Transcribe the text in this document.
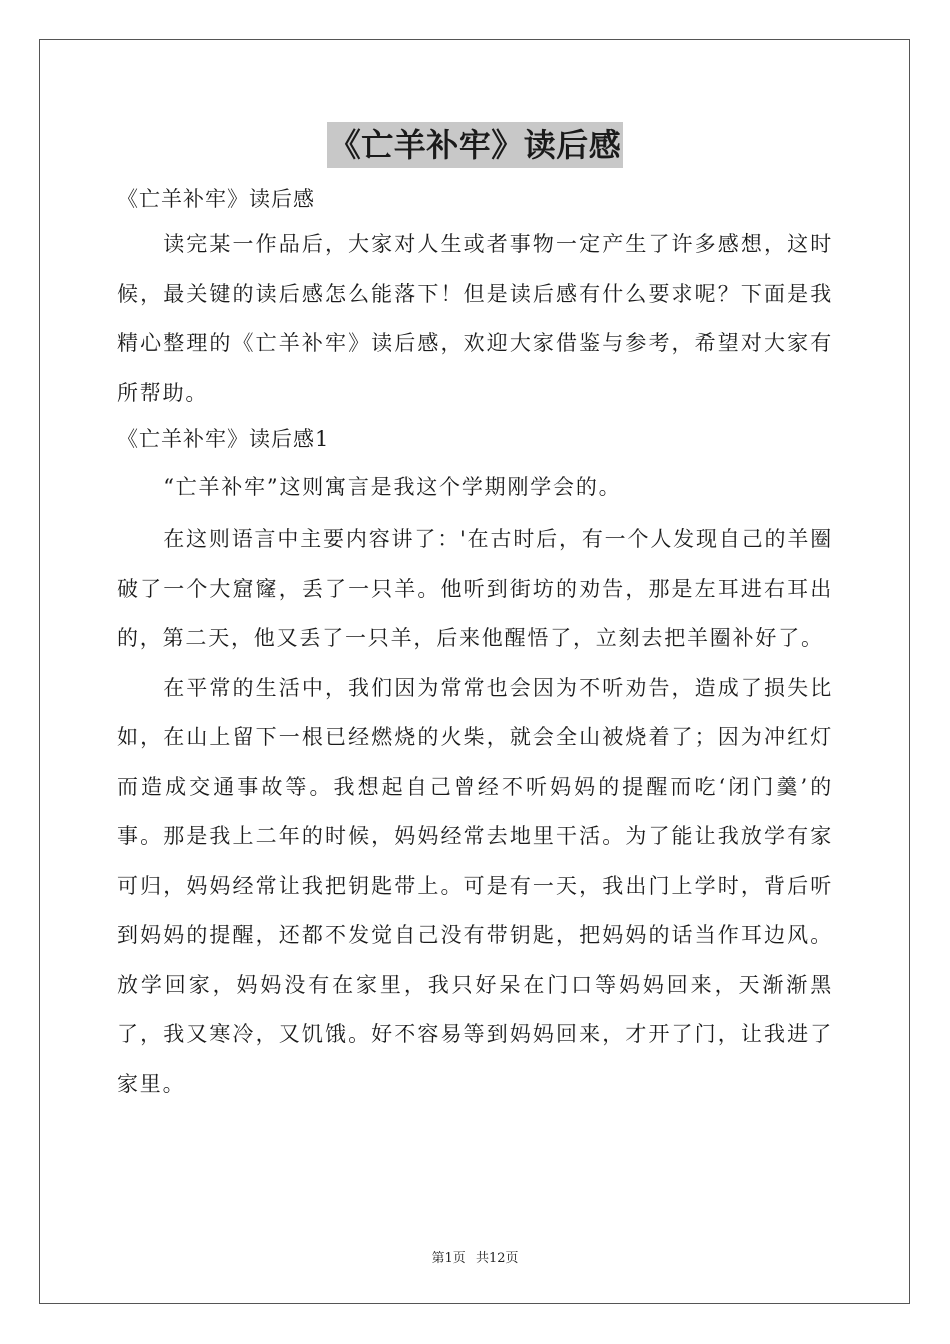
《亡羊补牢》读后感

《亡羊补牢》读后感

读完某一作品后，大家对人生或者事物一定产生了许多感想，这时候，最关键的读后感怎么能落下！但是读后感有什么要求呢？下面是我精心整理的《亡羊补牢》读后感，欢迎大家借鉴与参考，希望对大家有所帮助。

《亡羊补牢》读后感1

“亡羊补牢”这则寓言是我这个学期刚学会的。

在这则语言中主要内容讲了：'在古时后，有一个人发现自己的羊圈破了一个大窟窿，丢了一只羊。他听到街坊的劝告，那是左耳进右耳出的，第二天，他又丢了一只羊，后来他醒悟了，立刻去把羊圈补好了。

在平常的生活中，我们因为常常也会因为不听劝告，造成了损失比如，在山上留下一根已经燃烧的火柴，就会全山被烧着了；因为冲红灯而造成交通事故等。我想起自己曾经不听妈妈的提醒而吃‘闭门羹’的事。那是我上二年的时候，妈妈经常去地里干活。为了能让我放学有家可归，妈妈经常让我把钥匙带上。可是有一天，我出门上学时，背后听到妈妈的提醒，还都不发觉自己没有带钥匙，把妈妈的话当作耳边风。放学回家，妈妈没有在家里，我只好呆在门口等妈妈回来，天渐渐黑了，我又寒冷，又饥饿。好不容易等到妈妈回来，才开了门，让我进了家里。

第1页 共12页
